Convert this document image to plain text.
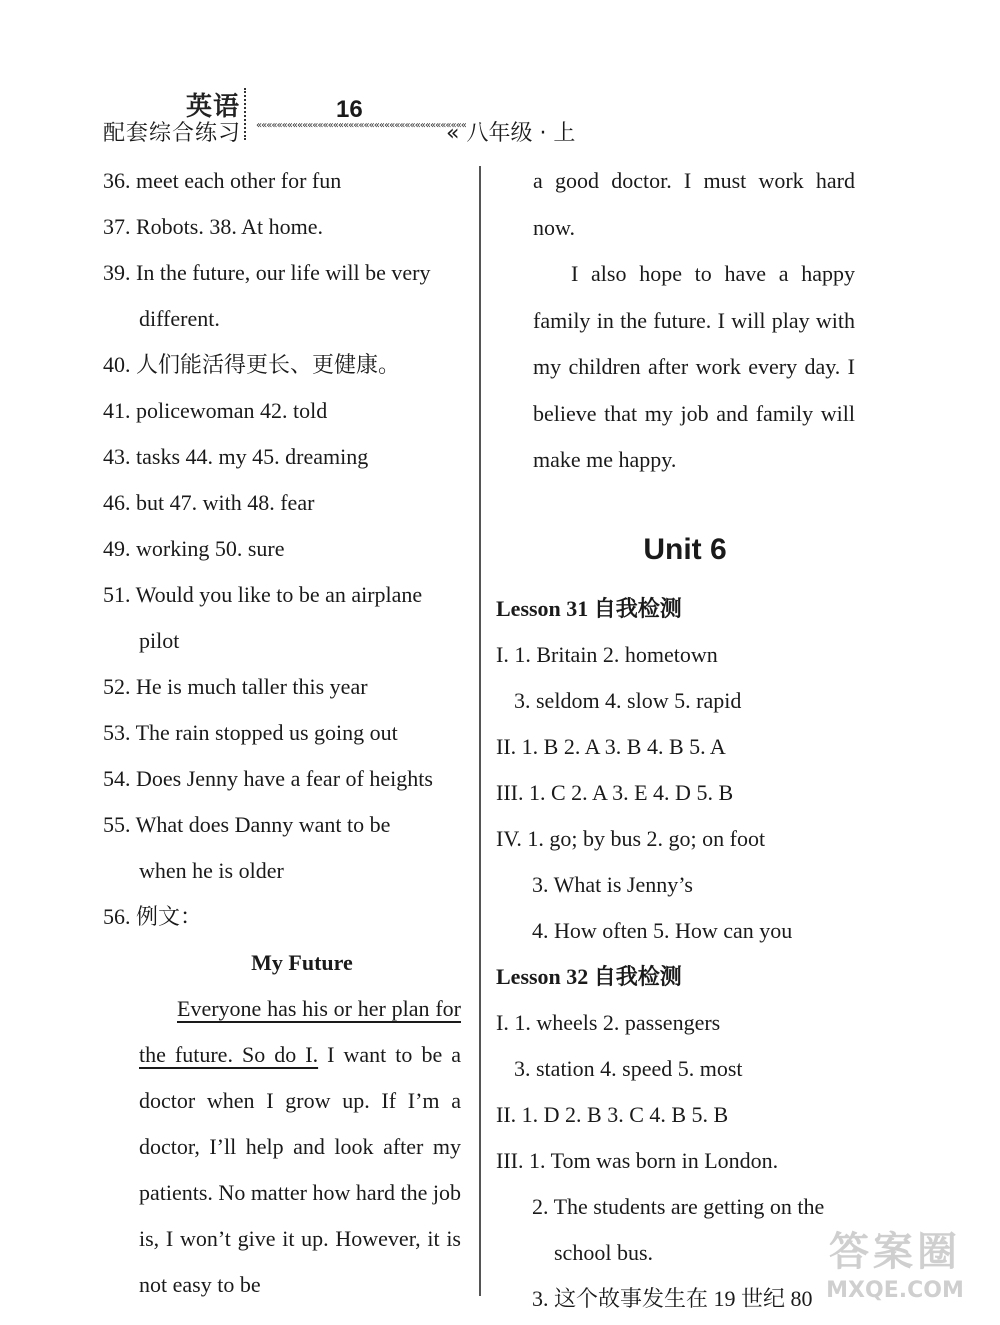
英语
配套综合练习
16
«««««««««««««««««««««««««««««««««««««««««
« 八年级 · 上
36. meet each other for fun
37. Robots. 38. At home.
39. In the future, our life will be very
different.
40. 人们能活得更长、更健康。
41. policewoman 42. told
43. tasks 44. my 45. dreaming
46. but 47. with 48. fear
49. working 50. sure
51. Would you like to be an airplane
pilot
52. He is much taller this year
53. The rain stopped us going out
54. Does Jenny have a fear of heights
55. What does Danny want to be
when he is older
56. 例文：
My Future

Everyone has his or her plan for the future. So do I. I want to be a doctor when I grow up. If I’m a doctor, I’ll help and look after my patients. No matter how hard the job is, I won’t give it up. However, it is not easy to be

a good doctor. I must work hard now.

I also hope to have a happy family in the future. I will play with my children after work every day. I believe that my job and family will make me happy.

Unit 6
Lesson 31 自我检测
I. 1. Britain 2. hometown
3. seldom 4. slow 5. rapid
II. 1. B 2. A 3. B 4. B 5. A
III. 1. C 2. A 3. E 4. D 5. B
IV. 1. go; by bus 2. go; on foot
3. What is Jenny’s
4. How often 5. How can you
Lesson 32 自我检测
I. 1. wheels 2. passengers
3. station 4. speed 5. most
II. 1. D 2. B 3. C 4. B 5. B
III. 1. Tom was born in London.
2. The students are getting on the
school bus.
3. 这个故事发生在 19 世纪 80
答案圈
MXQE.COM
